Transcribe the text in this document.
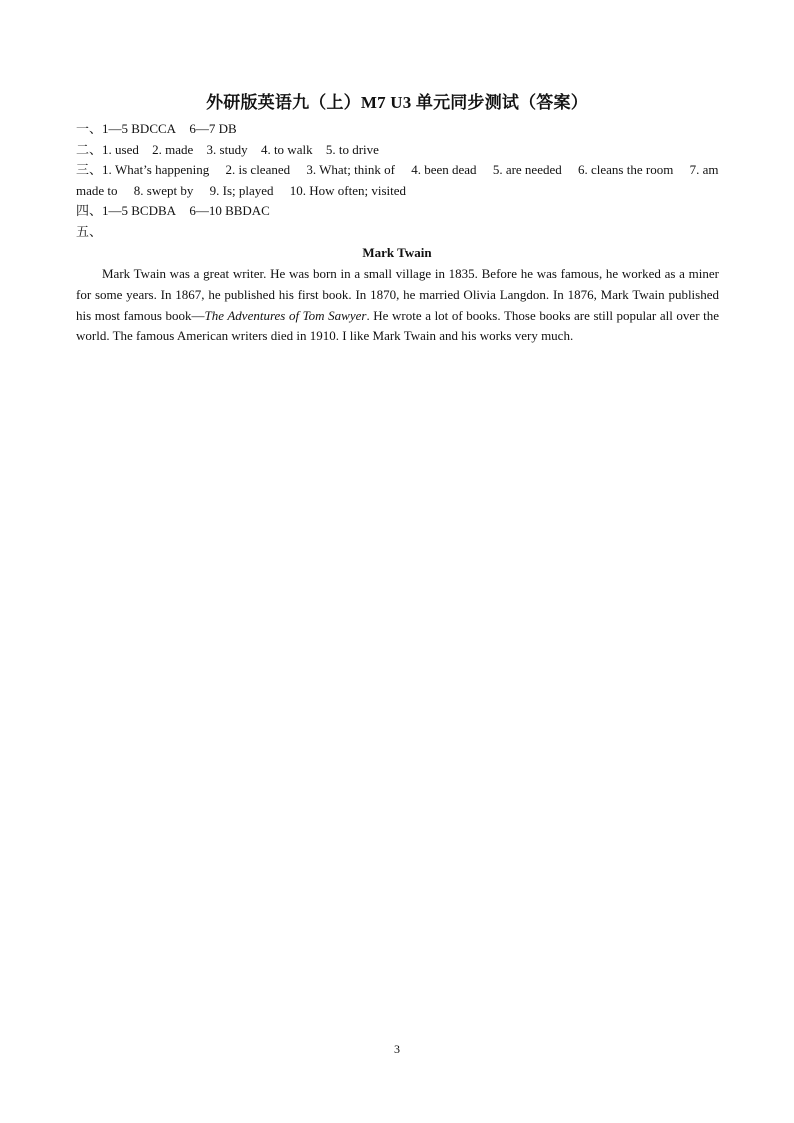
外研版英语九（上）M7 U3 单元同步测试（答案）
一、1—5 BDCCA 6—7 DB
二、1. used 2. made 3. study 4. to walk 5. to drive
三、1. What’s happening 2. is cleaned 3. What; think of 4. been dead 5. are needed 6. cleans the room 7. am made to 8. swept by 9. Is; played 10. How often; visited
四、1—5 BCDBA 6—10 BBDAC
五、
Mark Twain
Mark Twain was a great writer. He was born in a small village in 1835. Before he was famous, he worked as a miner for some years. In 1867, he published his first book. In 1870, he married Olivia Langdon. In 1876, Mark Twain published his most famous book—The Adventures of Tom Sawyer. He wrote a lot of books. Those books are still popular all over the world. The famous American writers died in 1910. I like Mark Twain and his works very much.
3
